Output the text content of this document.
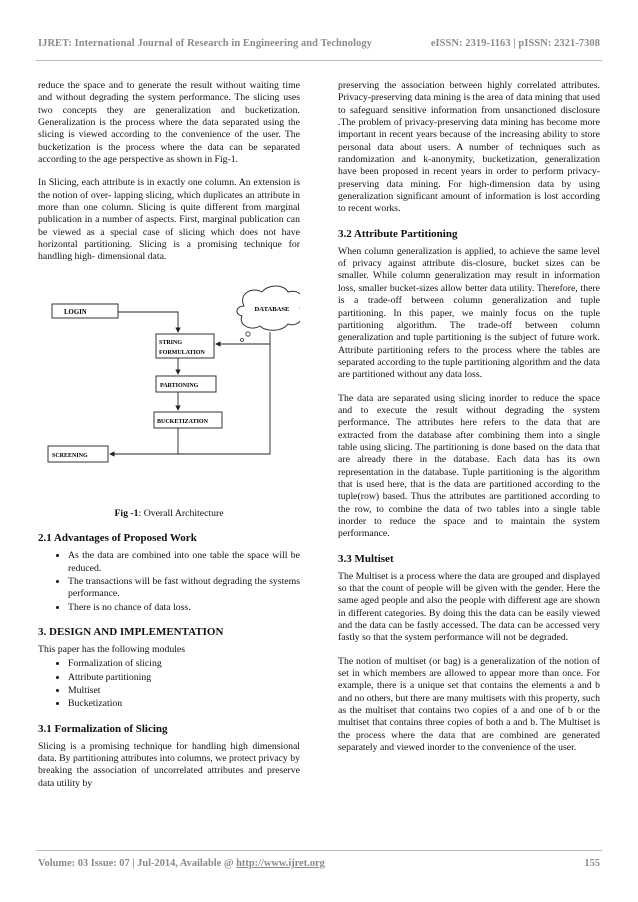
IJRET: International Journal of Research in Engineering and Technology	eISSN: 2319-1163 | pISSN: 2321-7308

reduce the space and to generate the result without waiting time and without degrading the system performance. The slicing uses two concepts they are generalization and bucketization. Generalization is the process where the data separated using the slicing is viewed according to the convenience of the user. The bucketization is the process where the data can be separated according to the age perspective as shown in Fig-1.

In Slicing, each attribute is in exactly one column. An extension is the notion of over- lapping slicing, which duplicates an attribute in more than one column. Slicing is quite different from marginal publication in a number of aspects. First, marginal publication can be viewed as a special case of slicing which does not have horizontal partitioning. Slicing is a promising technique for handling high- dimensional data.

DATABASE
LOGIN
STRING
FORMULATION
PARTIONING
BUCKETIZATION
SCREENING
Fig -1: Overall Architecture
2.1 Advantages of Proposed Work
• As the data are combined into one table the space will be reduced.
• The transactions will be fast without degrading the systems performance.
• There is no chance of data loss.
3. DESIGN AND IMPLEMENTATION
This paper has the following modules
• Formalization of slicing
• Attribute partitioning
• Multiset
• Bucketization
3.1 Formalization of Slicing

Slicing is a promising technique for handling high dimensional data. By partitioning attributes into columns, we protect privacy by breaking the association of uncorrelated attributes and preserve data utility by

preserving the association between highly correlated attributes. Privacy-preserving data mining is the area of data mining that used to safeguard sensitive information from unsanctioned disclosure .The problem of privacy-preserving data mining has become more important in recent years because of the increasing ability to store personal data about users. A number of techniques such as randomization and k-anonymity, bucketization, generalization have been proposed in recent years in order to perform privacy-preserving data mining. For high-dimension data by using generalization significant amount of information is lost according to recent works.

3.2 Attribute Partitioning

When column generalization is applied, to achieve the same level of privacy against attribute dis-closure, bucket sizes can be smaller. While column generalization may result in information loss, smaller bucket-sizes allow better data utility. Therefore, there is a trade-off between column generalization and tuple partitioning. In this paper, we mainly focus on the tuple partitioning algorithm. The trade-off between column generalization and tuple partitioning is the subject of future work. Attribute partitioning refers to the process where the tables are separated according to the tuple partitioning algorithm and the data are partitioned without any data loss.

The data are separated using slicing inorder to reduce the space and to execute the result without degrading the system performance. The attributes here refers to the data that are extracted from the database after combining them into a single table using slicing. The partitioning is done based on the data that are already there in the database. Each data has its own representation in the database. Tuple partitioning is the algorithm that is used here, that is the data are partitioned according to the tuple(row) based. Thus the attributes are partitioned according to the row, to combine the data of two tables into a single table inorder to reduce the space and to maintain the system performance.

3.3 Multiset

The Multiset is a process where the data are grouped and displayed so that the count of people will be given with the gender. Here the same aged people and also the people with different age are shown in different categories. By doing this the data can be easily viewed and the data can be fastly accessed. The data can be accessed very fastly so that the system performance will not be degraded.

The notion of multiset (or bag) is a generalization of the notion of set in which members are allowed to appear more than once. For example, there is a unique set that contains the elements a and b and no others, but there are many multisets with this property, such as the multiset that contains two copies of a and one of b or the multiset that contains three copies of both a and b. The Multiset is the process where the data that are combined are generated separately and viewed inorder to the convenience of the user.

Volume: 03 Issue: 07 | Jul-2014, Available @ http://www.ijret.org	155
